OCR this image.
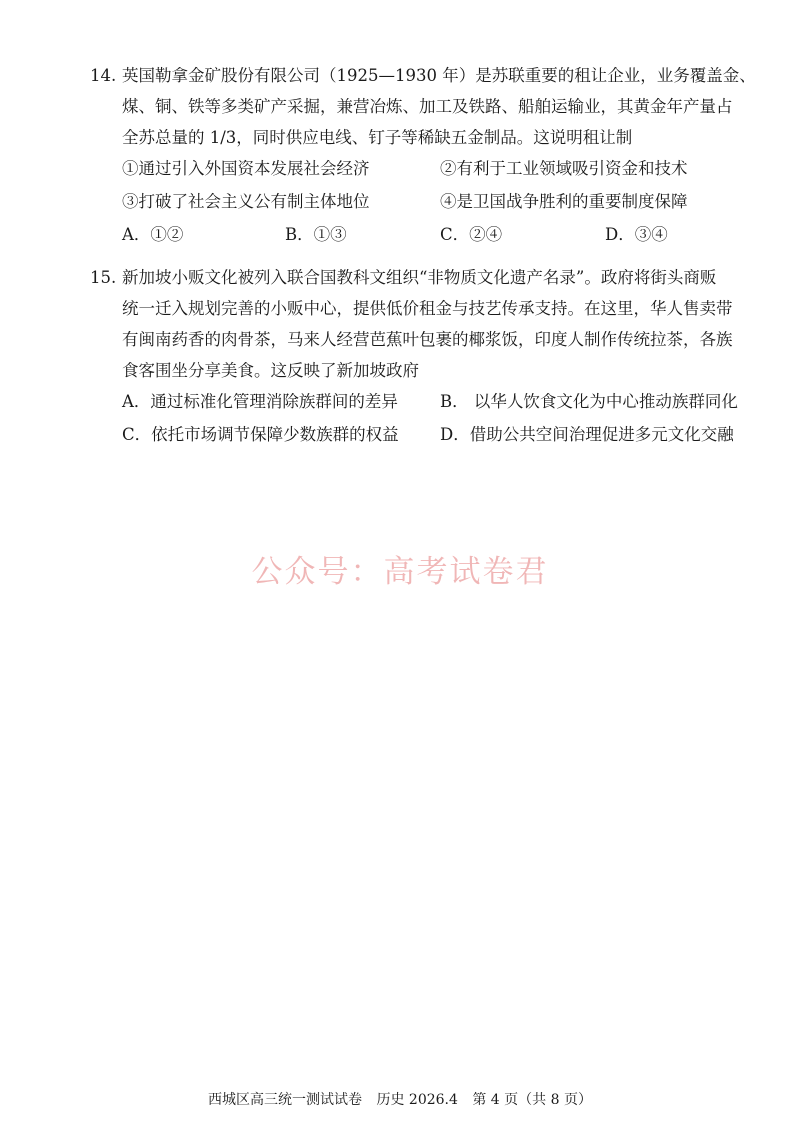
14. 英国勒拿金矿股份有限公司（1925—1930 年）是苏联重要的租让企业，业务覆盖金、
煤、铜、铁等多类矿产采掘，兼营冶炼、加工及铁路、船舶运输业，其黄金年产量占
全苏总量的 1/3，同时供应电线、钉子等稀缺五金制品。这说明租让制
①通过引入外国资本发展社会经济	②有利于工业领域吸引资金和技术
③打破了社会主义公有制主体地位	④是卫国战争胜利的重要制度保障
A．①②	B．①③	C．②④	D．③④
15. 新加坡小贩文化被列入联合国教科文组织“非物质文化遗产名录”。政府将街头商贩
统一迁入规划完善的小贩中心，提供低价租金与技艺传承支持。在这里，华人售卖带
有闽南药香的肉骨茶，马来人经营芭蕉叶包裹的椰浆饭，印度人制作传统拉茶，各族
食客围坐分享美食。这反映了新加坡政府
A．通过标准化管理消除族群间的差异	B． 以华人饮食文化为中心推动族群同化
C．依托市场调节保障少数族群的权益	D．借助公共空间治理促进多元文化交融
公众号：高考试卷君
西城区高三统一测试试卷 历史 2026.4 第 4 页（共 8 页）
